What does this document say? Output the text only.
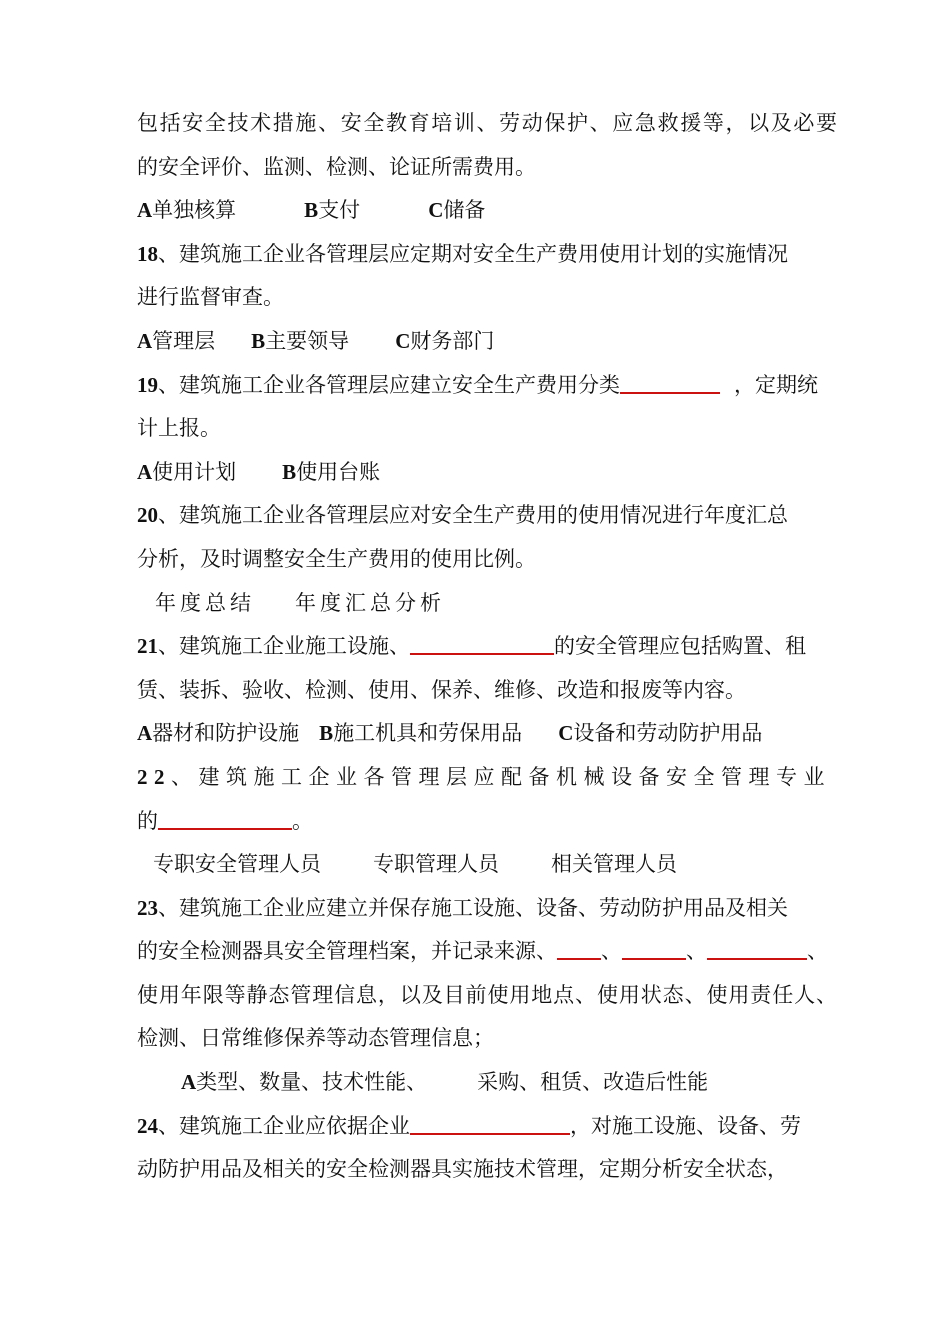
包括安全技术措施、安全教育培训、劳动保护、应急救援等，以及必要
的安全评价、监测、检测、论证所需费用。
A单独核算	B支付	C储备
18、建筑施工企业各管理层应定期对安全生产费用使用计划的实施情况
进行监督审查。
A管理层 B主要领导 C财务部门
19、建筑施工企业各管理层应建立安全生产费用分类	，定期统
计上报。
A使用计划 B使用台账
20、建筑施工企业各管理层应对安全生产费用的使用情况进行年度汇总
分析，及时调整安全生产费用的使用比例。
年度总结 年度汇总分析
21、建筑施工企业施工设施、	的安全管理应包括购置、租
赁、装拆、验收、检测、使用、保养、维修、改造和报废等内容。
A器材和防护设施 B施工机具和劳保用品 C设备和劳动防护用品
22、建筑施工企业各管理层应配备机械设备安全管理专业
的	。
专职安全管理人员 专职管理人员 相关管理人员
23、建筑施工企业应建立并保存施工设施、设备、劳动防护用品及相关
的安全检测器具安全管理档案，并记录来源、 、	、	、
使用年限等静态管理信息，以及目前使用地点、使用状态、使用责任人、
检测、日常维修保养等动态管理信息；
A类型、数量、技术性能、 采购、租赁、改造后性能
24、建筑施工企业应依据企业	，对施工设施、设备、劳
动防护用品及相关的安全检测器具实施技术管理，定期分析安全状态，
